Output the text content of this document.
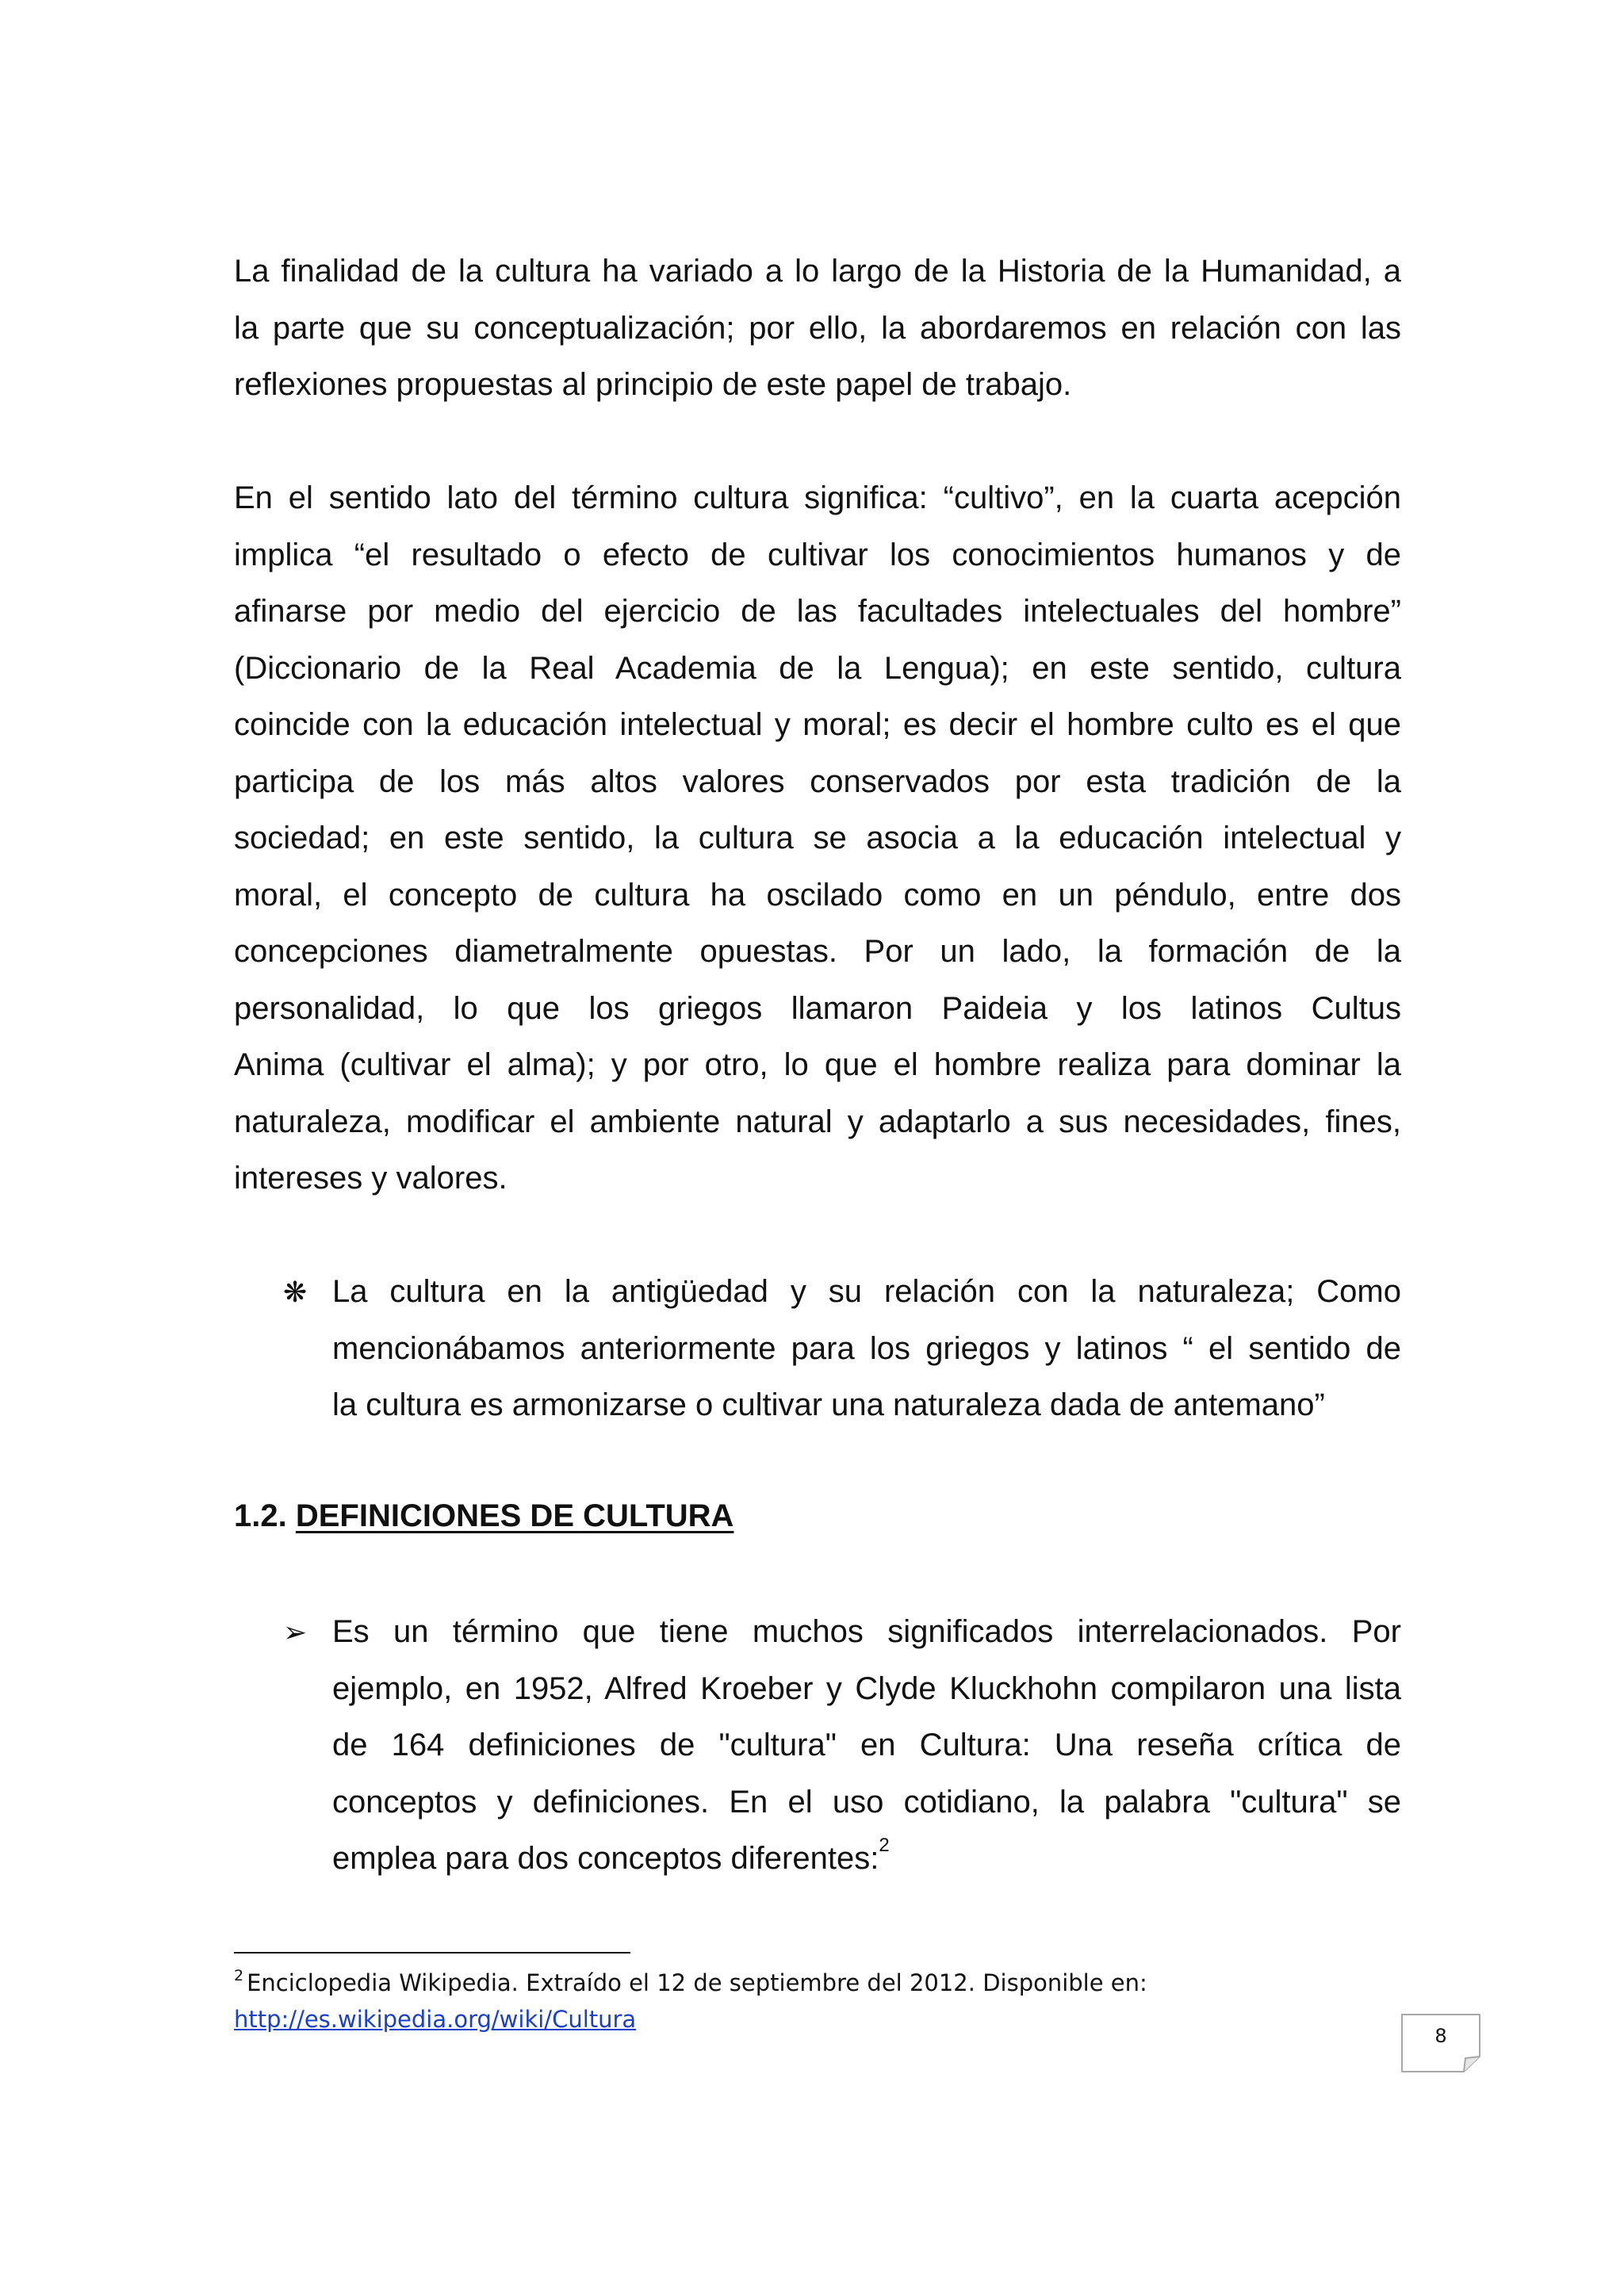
La finalidad de la cultura ha variado a lo largo de la Historia de la Humanidad, a
la parte que su conceptualización; por ello, la abordaremos en relación con las
reflexiones propuestas al principio de este papel de trabajo.
En el sentido lato del término cultura significa: “cultivo”, en la cuarta acepción
implica “el resultado o efecto de cultivar los conocimientos humanos y de
afinarse por medio del ejercicio de las facultades intelectuales del hombre”
(Diccionario de la Real Academia de la Lengua); en este sentido, cultura
coincide con la educación intelectual y moral; es decir el hombre culto es el que
participa de los más altos valores conservados por esta tradición de la
sociedad; en este sentido, la cultura se asocia a la educación intelectual y
moral, el concepto de cultura ha oscilado como en un péndulo, entre dos
concepciones diametralmente opuestas. Por un lado, la formación de la
personalidad, lo que los griegos llamaron Paideia y los latinos Cultus
Anima (cultivar el alma); y por otro, lo que el hombre realiza para dominar la
naturaleza, modificar el ambiente natural y adaptarlo a sus necesidades, fines,
intereses y valores.
❋ La cultura en la antigüedad y su relación con la naturaleza; Como
mencionábamos anteriormente para los griegos y latinos “ el sentido de
la cultura es armonizarse o cultivar una naturaleza dada de antemano”
1.2. DEFINICIONES DE CULTURA
➢ Es un término que tiene muchos significados interrelacionados. Por
ejemplo, en 1952, Alfred Kroeber y Clyde Kluckhohn compilaron una lista
de 164 definiciones de "cultura" en Cultura: Una reseña crítica de
conceptos y definiciones. En el uso cotidiano, la palabra "cultura" se
emplea para dos conceptos diferentes:$^2$
$^2$ Enciclopedia Wikipedia. Extraído el 12 de septiembre del 2012. Disponible en:
http://es.wikipedia.org/wiki/Cultura
8
